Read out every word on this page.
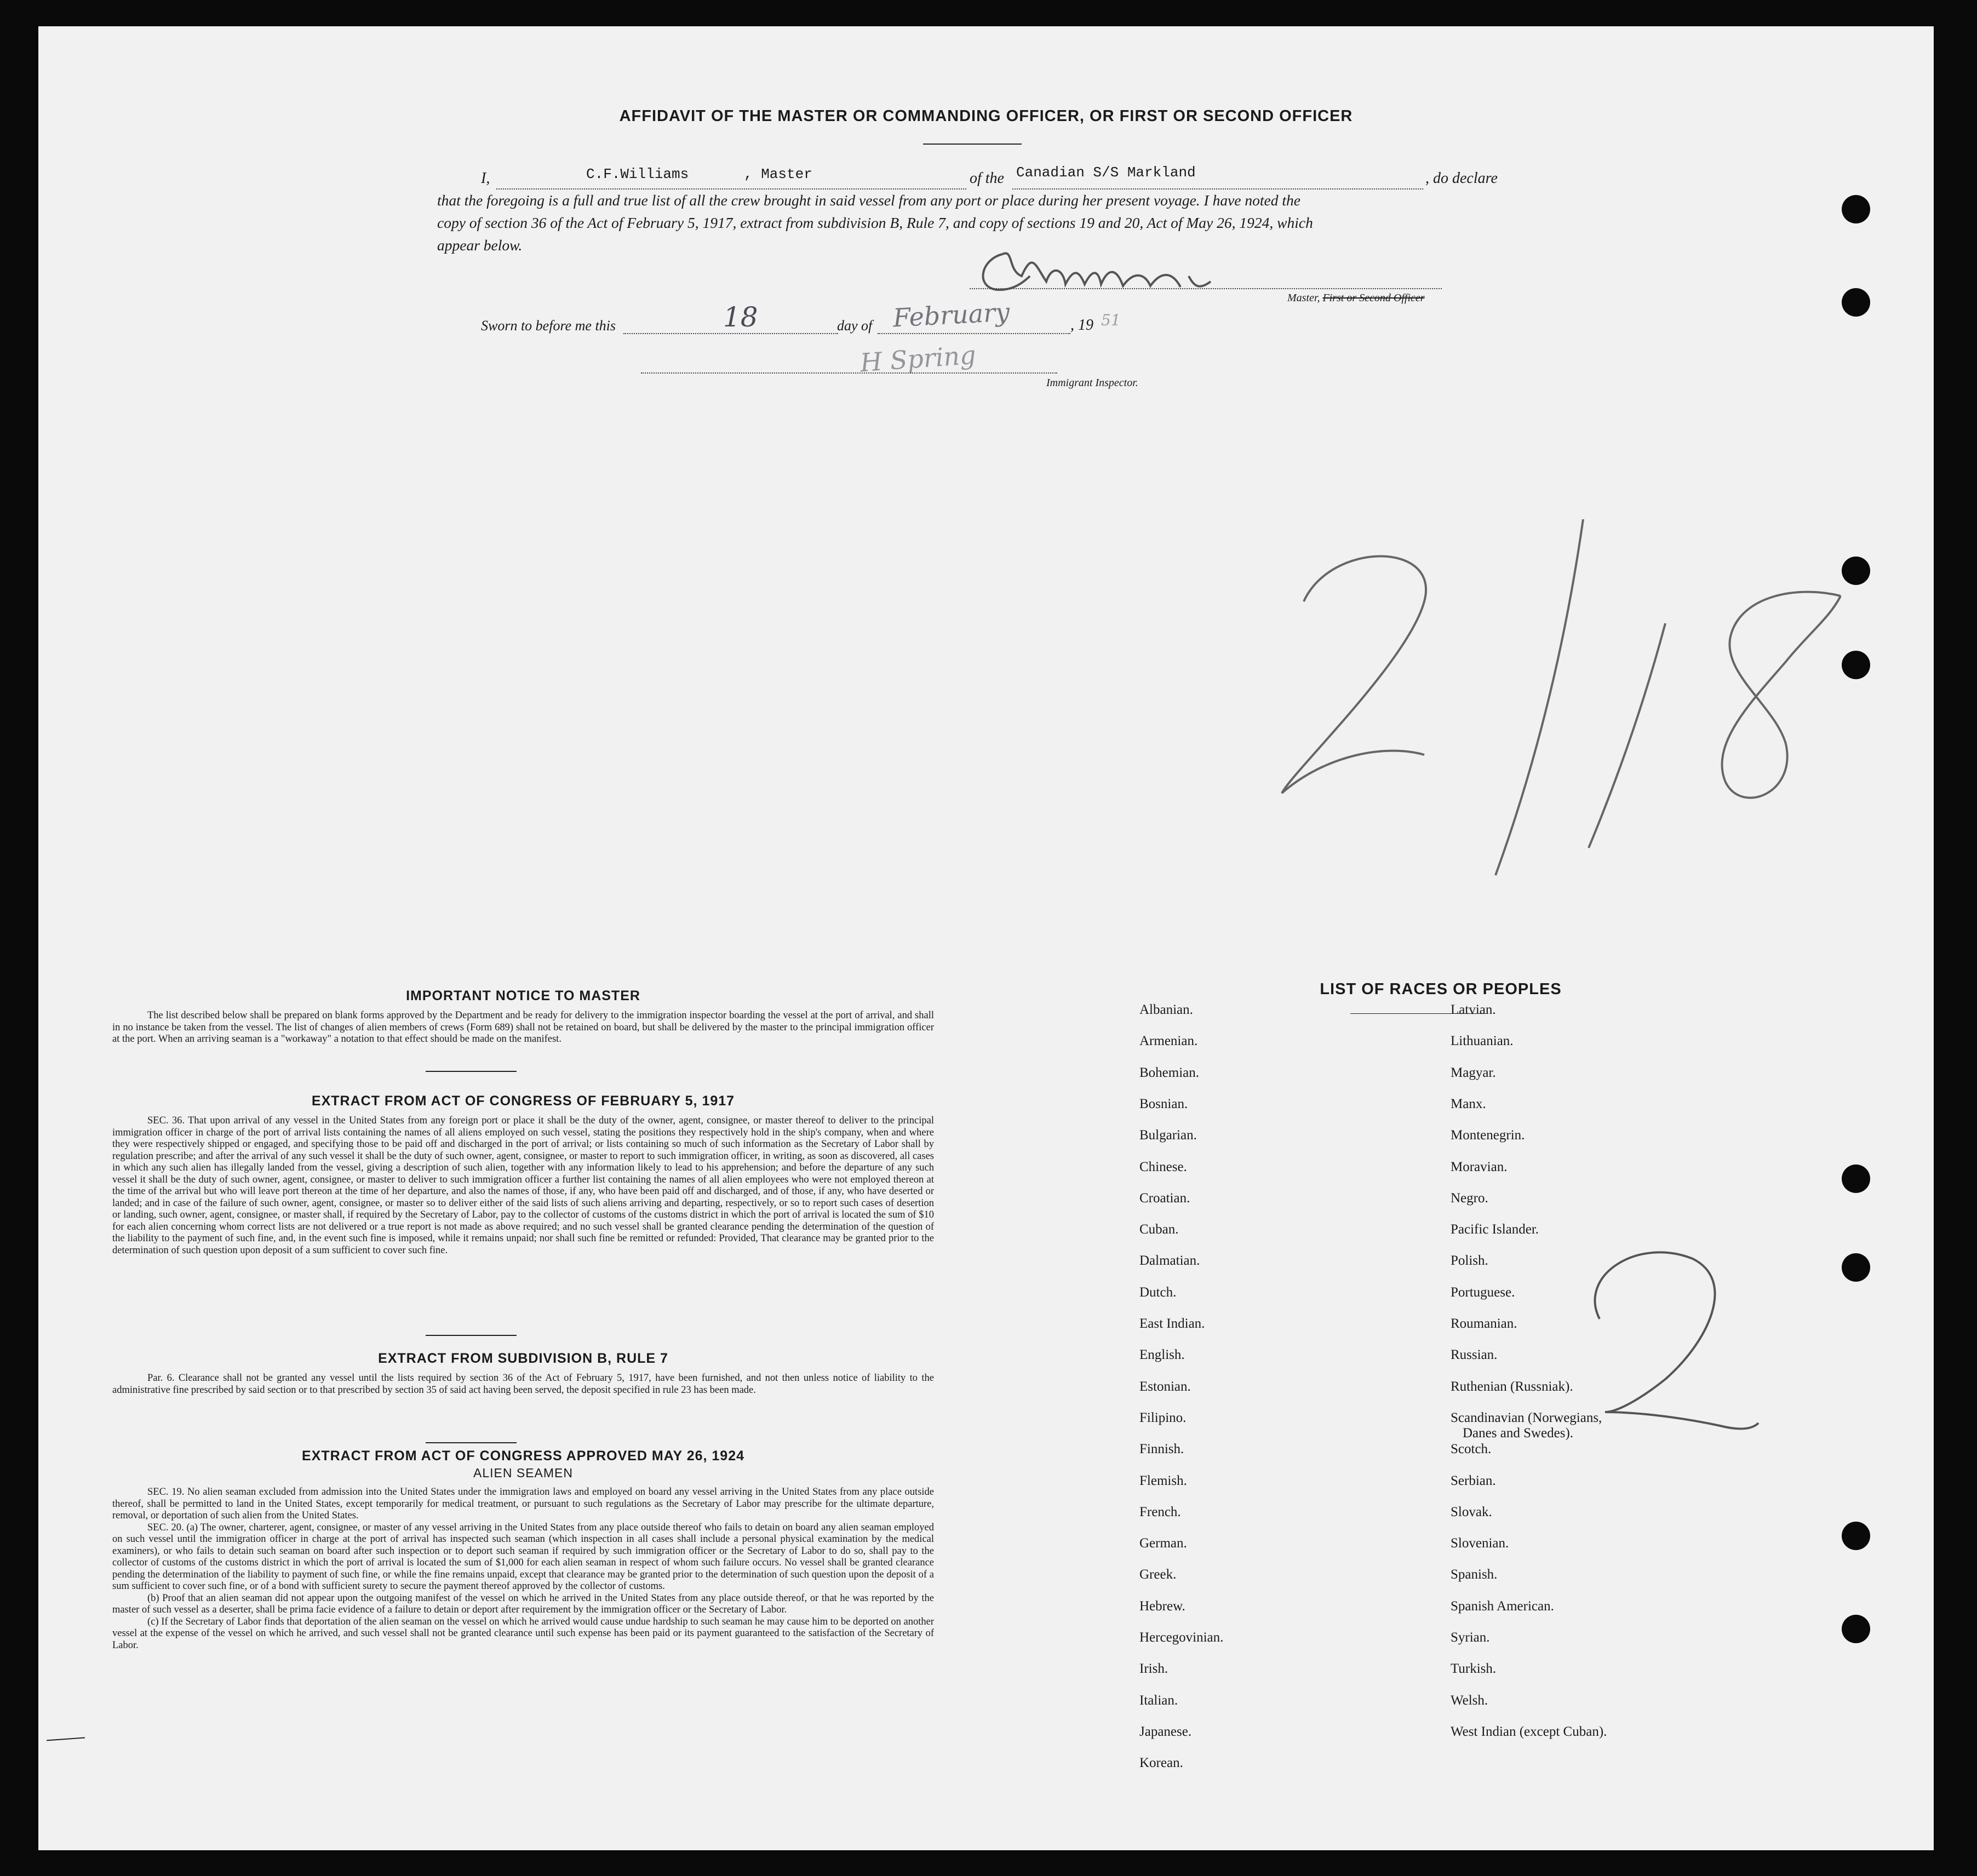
AFFIDAVIT OF THE MASTER OR COMMANDING OFFICER, OR FIRST OR SECOND OFFICER
I,	C.F.Williams	, Master	of the Canadian S/S Markland	, do declare
that the foregoing is a full and true list of all the crew brought in said vessel from any port or place during her present voyage. I have noted the
copy of section 36 of the Act of February 5, 1917, extract from subdivision B, Rule 7, and copy of sections 19 and 20, Act of May 26, 1924, which
appear below.
Master, First or Second Officer
Sworn to before me this	18	day of February	, 19 51
H Spring
Immigrant Inspector.
IMPORTANT NOTICE TO MASTER

The list described below shall be prepared on blank forms approved by the Department and be ready for delivery to the immigration inspector boarding the vessel at the port of arrival, and shall in no instance be taken from the vessel. The list of changes of alien members of crews (Form 689) shall not be retained on board, but shall be delivered by the master to the principal immigration officer at the port. When an arriving seaman is a "workaway" a notation to that effect should be made on the manifest.

EXTRACT FROM ACT OF CONGRESS OF FEBRUARY 5, 1917

SEC. 36. That upon arrival of any vessel in the United States from any foreign port or place it shall be the duty of the owner, agent, consignee, or master thereof to deliver to the principal immigration officer in charge of the port of arrival lists containing the names of all aliens employed on such vessel, stating the positions they respectively hold in the ship's company, when and where they were respectively shipped or engaged, and specifying those to be paid off and discharged in the port of arrival; or lists containing so much of such information as the Secretary of Labor shall by regulation prescribe; and after the arrival of any such vessel it shall be the duty of such owner, agent, consignee, or master to report to such immigration officer, in writing, as soon as discovered, all cases in which any such alien has illegally landed from the vessel, giving a description of such alien, together with any information likely to lead to his apprehension; and before the departure of any such vessel it shall be the duty of such owner, agent, consignee, or master to deliver to such immigration officer a further list containing the names of all alien employees who were not employed thereon at the time of the arrival but who will leave port thereon at the time of her departure, and also the names of those, if any, who have been paid off and discharged, and of those, if any, who have deserted or landed; and in case of the failure of such owner, agent, consignee, or master so to deliver either of the said lists of such aliens arriving and departing, respectively, or so to report such cases of desertion or landing, such owner, agent, consignee, or master shall, if required by the Secretary of Labor, pay to the collector of customs of the customs district in which the port of arrival is located the sum of $10 for each alien concerning whom correct lists are not delivered or a true report is not made as above required; and no such vessel shall be granted clearance pending the determination of the question of the liability to the payment of such fine, and, in the event such fine is imposed, while it remains unpaid; nor shall such fine be remitted or refunded: Provided, That clearance may be granted prior to the determination of such question upon deposit of a sum sufficient to cover such fine.

EXTRACT FROM SUBDIVISION B, RULE 7

Par. 6. Clearance shall not be granted any vessel until the lists required by section 36 of the Act of February 5, 1917, have been furnished, and not then unless notice of liability to the administrative fine prescribed by said section or to that prescribed by section 35 of said act having been served, the deposit specified in rule 23 has been made.

EXTRACT FROM ACT OF CONGRESS APPROVED MAY 26, 1924
ALIEN SEAMEN

SEC. 19. No alien seaman excluded from admission into the United States under the immigration laws and employed on board any vessel arriving in the United States from any place outside thereof, shall be permitted to land in the United States, except temporarily for medical treatment, or pursuant to such regulations as the Secretary of Labor may prescribe for the ultimate departure, removal, or deportation of such alien from the United States.

SEC. 20. (a) The owner, charterer, agent, consignee, or master of any vessel arriving in the United States from any place outside thereof who fails to detain on board any alien seaman employed on such vessel until the immigration officer in charge at the port of arrival has inspected such seaman (which inspection in all cases shall include a personal physical examination by the medical examiners), or who fails to detain such seaman on board after such inspection or to deport such seaman if required by such immigration officer or the Secretary of Labor to do so, shall pay to the collector of customs of the customs district in which the port of arrival is located the sum of $1,000 for each alien seaman in respect of whom such failure occurs. No vessel shall be granted clearance pending the determination of the liability to payment of such fine, or while the fine remains unpaid, except that clearance may be granted prior to the determination of such question upon the deposit of a sum sufficient to cover such fine, or of a bond with sufficient surety to secure the payment thereof approved by the collector of customs.

(b) Proof that an alien seaman did not appear upon the outgoing manifest of the vessel on which he arrived in the United States from any place outside thereof, or that he was reported by the master of such vessel as a deserter, shall be prima facie evidence of a failure to detain or deport after requirement by the immigration officer or the Secretary of Labor.

(c) If the Secretary of Labor finds that deportation of the alien seaman on the vessel on which he arrived would cause undue hardship to such seaman he may cause him to be deported on another vessel at the expense of the vessel on which he arrived, and such vessel shall not be granted clearance until such expense has been paid or its payment guaranteed to the satisfaction of the Secretary of Labor.

LIST OF RACES OR PEOPLES
Danes and Swedes).
Albanian.
Armenian.
Bohemian.
Bosnian.
Bulgarian.
Chinese.
Croatian.
Cuban.
Dalmatian.
Dutch.
East Indian.
English.
Estonian.
Filipino.
Finnish.
Flemish.
French.
German.
Greek.
Hebrew.
Hercegovinian.
Irish.
Italian.
Japanese.
Korean.
Latvian.
Lithuanian.
Magyar.
Manx.
Montenegrin.
Moravian.
Negro.
Pacific Islander.
Polish.
Portuguese.
Roumanian.
Russian.
Ruthenian (Russniak).
Scandinavian (Norwegians,
Scotch.
Serbian.
Slovak.
Slovenian.
Spanish.
Spanish American.
Syrian.
Turkish.
Welsh.
West Indian (except Cuban).
